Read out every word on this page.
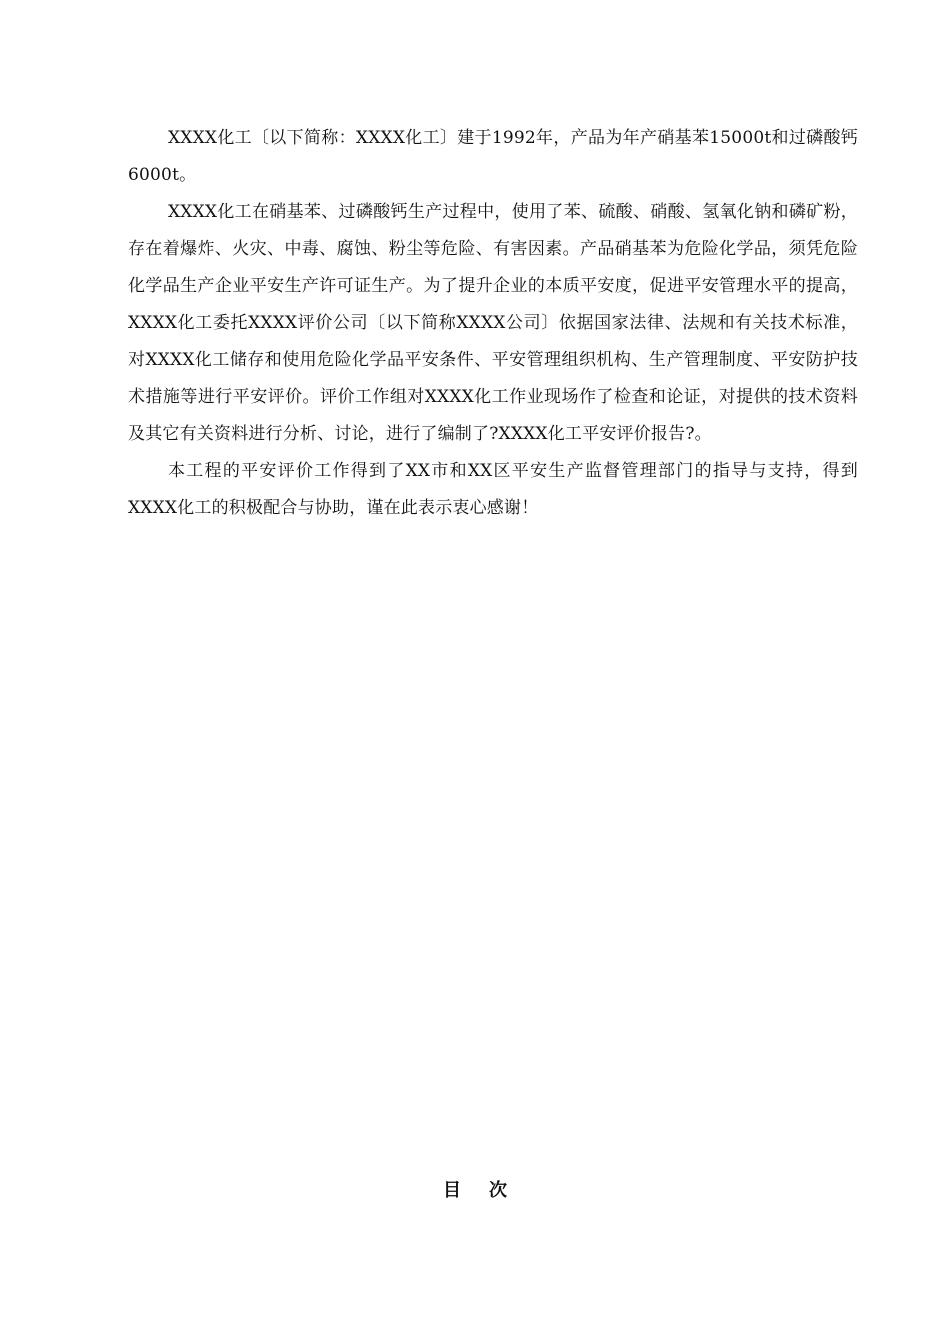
XXXX化工〔以下简称：XXXX化工〕建于1992年，产品为年产硝基苯15000t和过磷酸钙6000t。

XXXX化工在硝基苯、过磷酸钙生产过程中，使用了苯、硫酸、硝酸、氢氧化钠和磷矿粉，存在着爆炸、火灾、中毒、腐蚀、粉尘等危险、有害因素。产品硝基苯为危险化学品，须凭危险化学品生产企业平安生产许可证生产。为了提升企业的本质平安度，促进平安管理水平的提高，XXXX化工委托XXXX评价公司〔以下简称XXXX公司〕依据国家法律、法规和有关技术标准，对XXXX化工储存和使用危险化学品平安条件、平安管理组织机构、生产管理制度、平安防护技术措施等进行平安评价。评价工作组对XXXX化工作业现场作了检查和论证，对提供的技术资料及其它有关资料进行分析、讨论，进行了编制了?XXXX化工平安评价报告?。

本工程的平安评价工作得到了XX市和XX区平安生产监督管理部门的指导与支持，得到XXXX化工的积极配合与协助，谨在此表示衷心感谢！

目次
